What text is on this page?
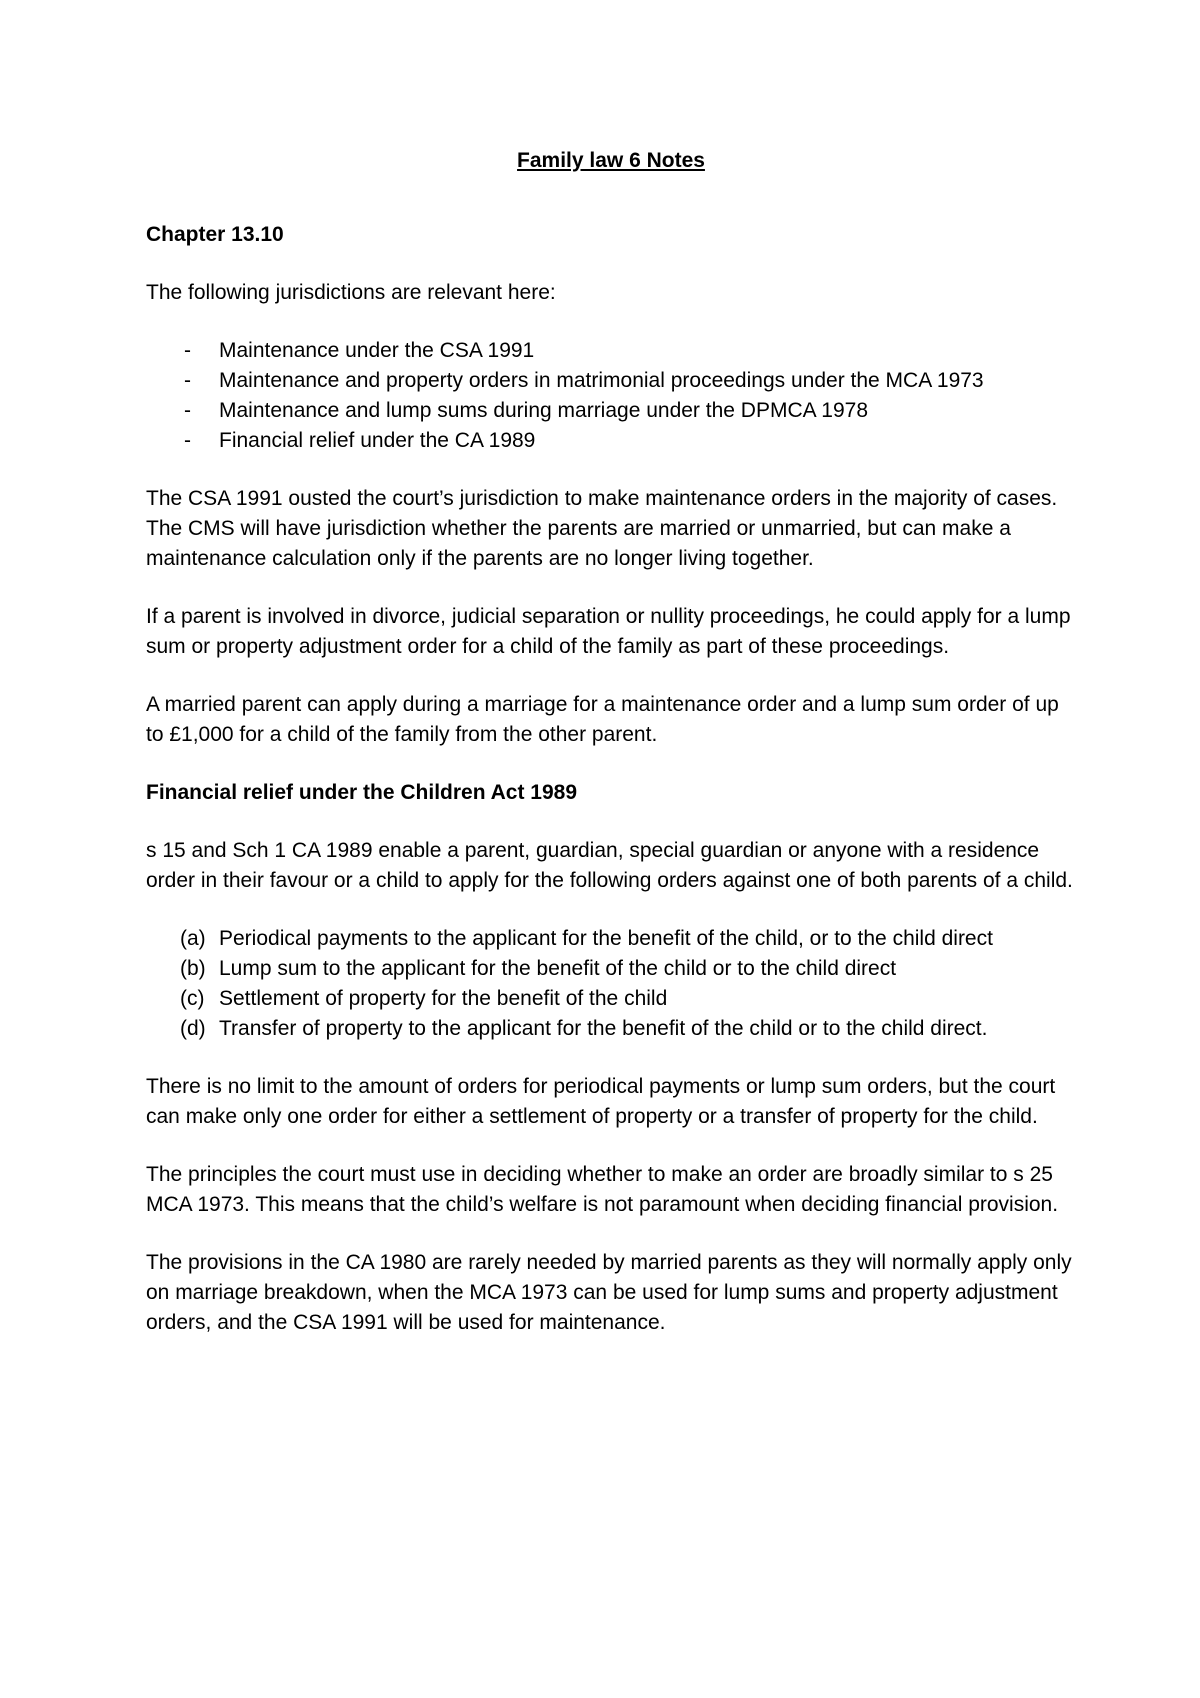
Family law 6 Notes
Chapter 13.10

The following jurisdictions are relevant here:

- Maintenance under the CSA 1991
- Maintenance and property orders in matrimonial proceedings under the MCA 1973
- Maintenance and lump sums during marriage under the DPMCA 1978
- Financial relief under the CA 1989

The CSA 1991 ousted the court’s jurisdiction to make maintenance orders in the majority of cases. The CMS will have jurisdiction whether the parents are married or unmarried, but can make a maintenance calculation only if the parents are no longer living together.

If a parent is involved in divorce, judicial separation or nullity proceedings, he could apply for a lump sum or property adjustment order for a child of the family as part of these proceedings.

A married parent can apply during a marriage for a maintenance order and a lump sum order of up to £1,000 for a child of the family from the other parent.

Financial relief under the Children Act 1989

s 15 and Sch 1 CA 1989 enable a parent, guardian, special guardian or anyone with a residence order in their favour or a child to apply for the following orders against one of both parents of a child.

(a) Periodical payments to the applicant for the benefit of the child, or to the child direct
(b) Lump sum to the applicant for the benefit of the child or to the child direct
(c) Settlement of property for the benefit of the child
(d) Transfer of property to the applicant for the benefit of the child or to the child direct.

There is no limit to the amount of orders for periodical payments or lump sum orders, but the court can make only one order for either a settlement of property or a transfer of property for the child.

The principles the court must use in deciding whether to make an order are broadly similar to s 25 MCA 1973. This means that the child’s welfare is not paramount when deciding financial provision.

The provisions in the CA 1980 are rarely needed by married parents as they will normally apply only on marriage breakdown, when the MCA 1973 can be used for lump sums and property adjustment orders, and the CSA 1991 will be used for maintenance.
